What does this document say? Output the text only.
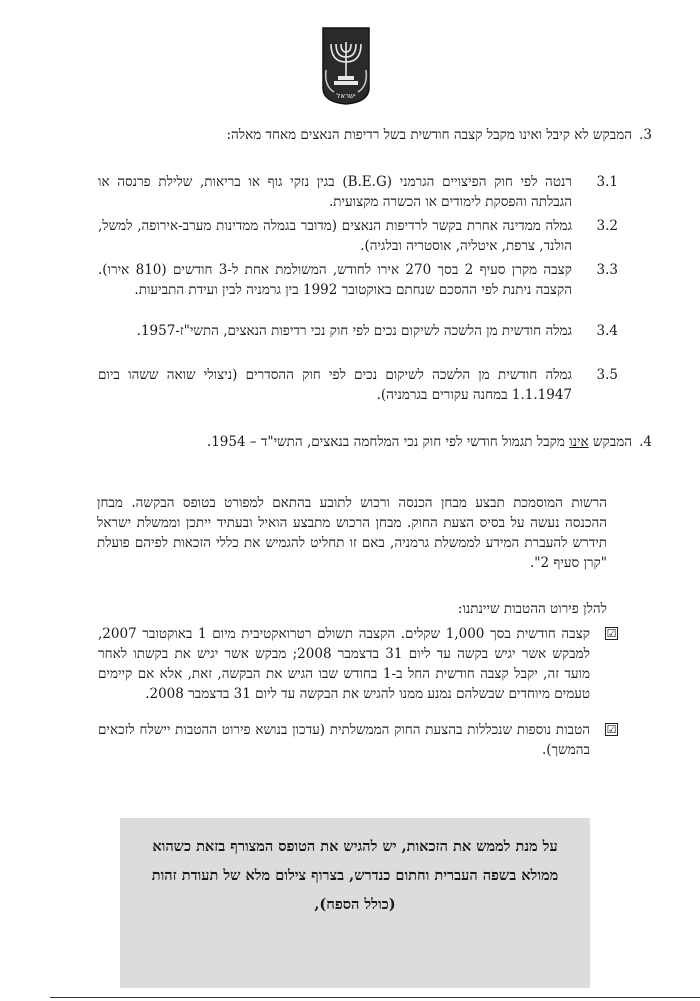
ישראל
3.
המבקש לא קיבל ואינו מקבל קצבה חודשית בשל רדיפות הנאצים מאחד מאלה:
3.1
רנטה לפי חוק הפיצויים הגרמני (B.E.G) בגין נזקי גוף או בריאות, שלילת פרנסה או הגבלתה והפסקת לימודים או הכשרה מקצועית.
3.2
גמלה ממדינה אחרת בקשר לרדיפות הנאצים (מדובר בגמלה ממדינות מערב-אירופה, למשל, הולנד, צרפת, איטליה, אוסטריה ובלגיה).
3.3
קצבה מקרן סעיף 2 בסך 270 אירו לחודש, המשולמת אחת ל-3 חודשים (810 אירו). הקצבה ניתנת לפי ההסכם שנחתם באוקטובר 1992 בין גרמניה לבין ועידת התביעות.
3.4
גמלה חודשית מן הלשכה לשיקום נכים לפי חוק נכי רדיפות הנאצים, התשי"ז-1957.
3.5
גמלה חודשית מן הלשכה לשיקום נכים לפי חוק ההסדרים (ניצולי שואה ששהו ביום 1.1.1947 במחנה עקורים בגרמניה).
4.
המבקש אינו מקבל תגמול חודשי לפי חוק נכי המלחמה בנאצים, התשי"ד – 1954.
הרשות המוסמכת תבצע מבחן הכנסה ורכוש לתובע בהתאם למפורט בטופס הבקשה. מבחן ההכנסה נעשה על בסיס הצעת החוק. מבחן הרכוש מתבצע הואיל ובעתיד ייתכן וממשלת ישראל תידרש להעברת המידע לממשלת גרמניה, באם זו תחליט להגמיש את כללי הזכאות לפיהם פועלת "קרן סעיף 2".
להלן פירוט ההטבות שיינתנו:
☑
קצבה חודשית בסך 1,000 שקלים. הקצבה תשולם רטרואקטיבית מיום 1 באוקטובר 2007, למבקש אשר יגיש בקשה עד ליום 31 בדצמבר 2008; מבקש אשר יגיש את בקשתו לאחר מועד זה, יקבל קצבה חודשית החל ב-1 בחודש שבו הגיש את הבקשה, זאת, אלא אם קיימים טעמים מיוחדים שבשלהם נמנע ממנו להגיש את הבקשה עד ליום 31 בדצמבר 2008.
☑
הטבות נוספות שנכללות בהצעת החוק הממשלתית (עדכון בנושא פירוט ההטבות יישלח לזכאים בהמשך).
על מנת לממש את הזכאות, יש להגיש את הטופס המצורף בזאת כשהוא ממולא בשפה העברית וחתום כנדרש, בצרוף צילום מלא של תעודת זהות (כולל הספח),
